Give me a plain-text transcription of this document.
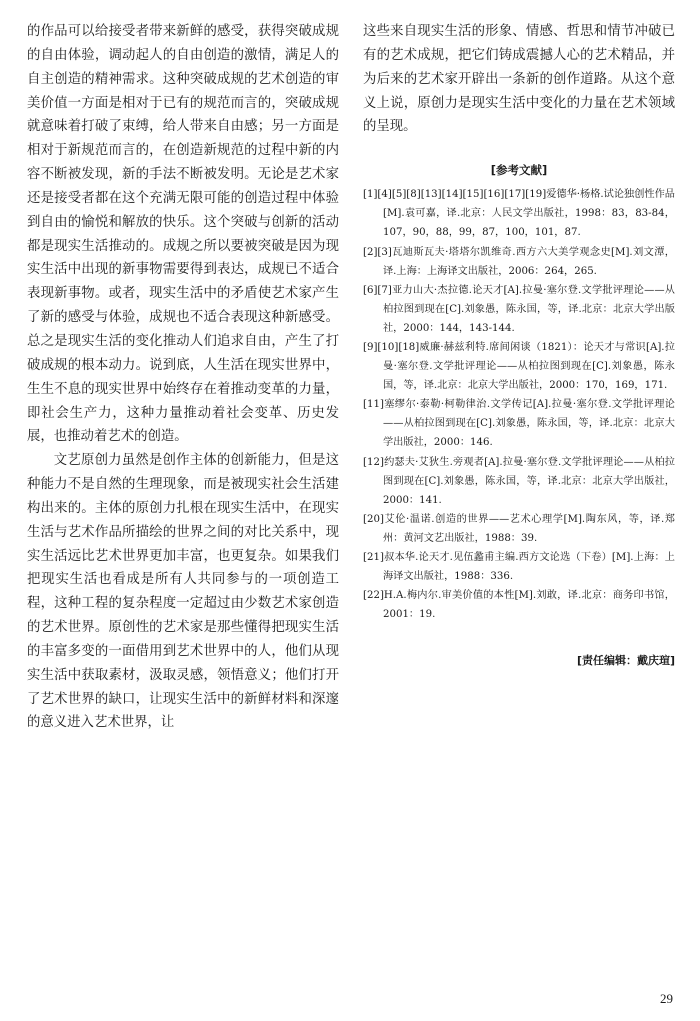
的作品可以给接受者带来新鲜的感受，获得突破成规的自由体验，调动起人的自由创造的激情，满足人的自主创造的精神需求。这种突破成规的艺术创造的审美价值一方面是相对于已有的规范而言的，突破成规就意味着打破了束缚，给人带来自由感；另一方面是相对于新规范而言的，在创造新规范的过程中新的内容不断被发现，新的手法不断被发明。无论是艺术家还是接受者都在这个充满无限可能的创造过程中体验到自由的愉悦和解放的快乐。这个突破与创新的活动都是现实生活推动的。成规之所以要被突破是因为现实生活中出现的新事物需要得到表达，成规已不适合表现新事物。或者，现实生活中的矛盾使艺术家产生了新的感受与体验，成规也不适合表现这种新感受。总之是现实生活的变化推动人们追求自由，产生了打破成规的根本动力。说到底，人生活在现实世界中，生生不息的现实世界中始终存在着推动变革的力量，即社会生产力，这种力量推动着社会变革、历史发展，也推动着艺术的创造。

文艺原创力虽然是创作主体的创新能力，但是这种能力不是自然的生理现象，而是被现实社会生活建构出来的。主体的原创力扎根在现实生活中，在现实生活与艺术作品所描绘的世界之间的对比关系中，现实生活远比艺术世界更加丰富，也更复杂。如果我们把现实生活也看成是所有人共同参与的一项创造工程，这种工程的复杂程度一定超过由少数艺术家创造的艺术世界。原创性的艺术家是那些懂得把现实生活的丰富多变的一面借用到艺术世界中的人，他们从现实生活中获取素材，汲取灵感，领悟意义；他们打开了艺术世界的缺口，让现实生活中的新鲜材料和深邃的意义进入艺术世界，让

这些来自现实生活的形象、情感、哲思和情节冲破已有的艺术成规，把它们铸成震撼人心的艺术精品，并为后来的艺术家开辟出一条新的创作道路。从这个意义上说，原创力是现实生活中变化的力量在艺术领域的呈现。

[参考文献]
[1][4][5][8][13][14][15][16][17][19]爱德华·杨格.试论独创性作品[M].袁可嘉，译.北京：人民文学出版社，1998：83，83-84，107，90，88，99，87，100，101，87.
[2][3]瓦迪斯瓦夫·塔塔尔凯维奇.西方六大美学观念史[M].刘文潭，译.上海：上海译文出版社，2006：264，265.
[6][7]亚力山大·杰拉德.论天才[A].拉曼·塞尔登.文学批评理论——从柏拉图到现在[C].刘象愚，陈永国，等，译.北京：北京大学出版社，2000：144，143-144.
[9][10][18]威廉·赫兹利特.席间闲谈（1821）：论天才与常识[A].拉曼·塞尔登.文学批评理论——从柏拉图到现在[C].刘象愚，陈永国，等，译.北京：北京大学出版社，2000：170，169，171.
[11]塞缪尔·泰勒·柯勒律治.文学传记[A].拉曼·塞尔登.文学批评理论——从柏拉图到现在[C].刘象愚，陈永国，等，译.北京：北京大学出版社，2000：146.
[12]约瑟夫·艾狄生.旁观者[A].拉曼·塞尔登.文学批评理论——从柏拉图到现在[C].刘象愚，陈永国，等，译.北京：北京大学出版社，2000：141.
[20]艾伦·温诺.创造的世界——艺术心理学[M].陶东风，等，译.郑州：黄河文艺出版社，1988：39.
[21]叔本华.论天才.见伍蠡甫主编.西方文论选（下卷）[M].上海：上海译文出版社，1988：336.
[22]H.A.梅内尔.审美价值的本性[M].刘敢，译.北京：商务印书馆，2001：19.
[责任编辑：戴庆瑄]
29
